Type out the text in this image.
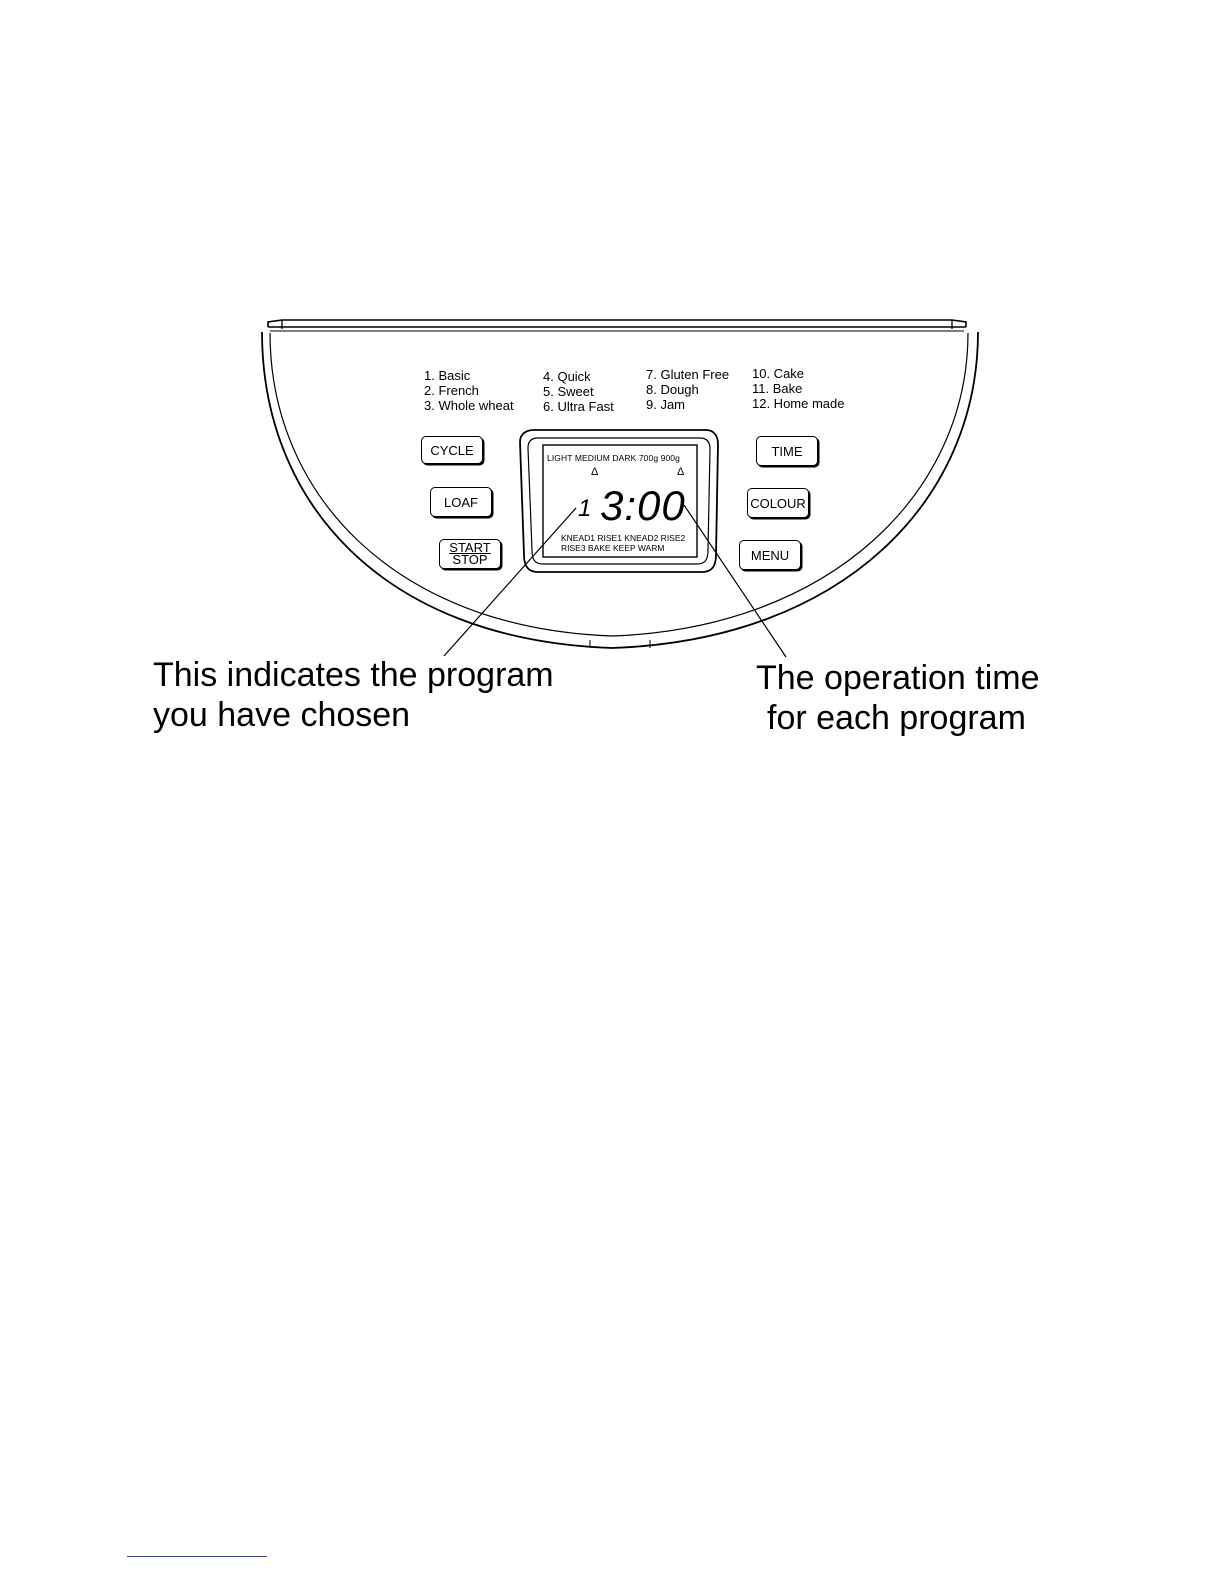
1. Basic
2. French
3. Whole wheat
4. Quick
5. Sweet
6. Ultra Fast
7. Gluten Free
8. Dough
9. Jam
10. Cake
11. Bake
12. Home made
CYCLE
LOAF
START
STOP
TIME
COLOUR
MENU
LIGHT MEDIUM DARK 700g 900g
Δ	Δ
1 3:00
KNEAD1 RISE1 KNEAD2 RISE2
RISE3 BAKE KEEP WARM
This indicates the program
you have chosen
The operation time
for each program
